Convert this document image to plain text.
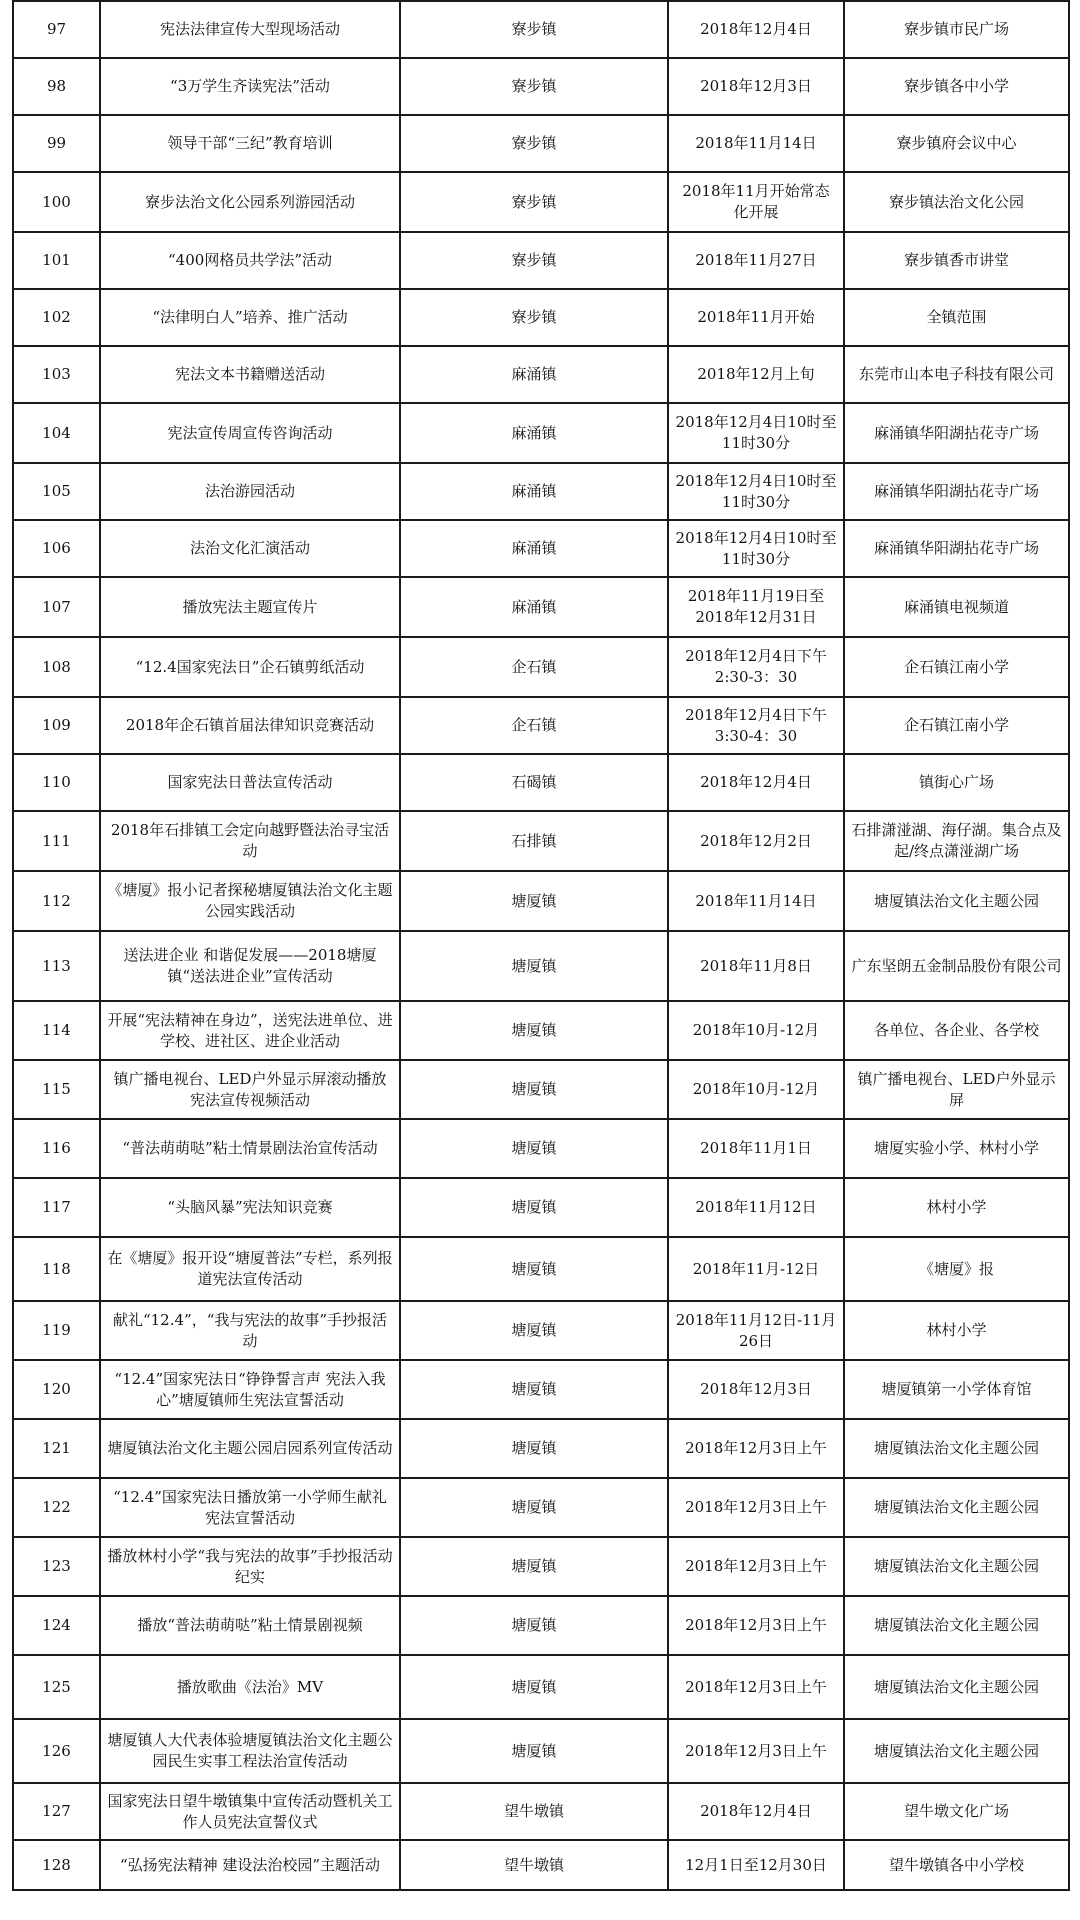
97	宪法法律宣传大型现场活动	寮步镇	2018年12月4日	寮步镇市民广场
98	“3万学生齐读宪法”活动	寮步镇	2018年12月3日	寮步镇各中小学
99	领导干部“三纪”教育培训	寮步镇	2018年11月14日	寮步镇府会议中心
100	寮步法治文化公园系列游园活动	寮步镇	2018年11月开始常态化开展	寮步镇法治文化公园
101	“400网格员共学法”活动	寮步镇	2018年11月27日	寮步镇香市讲堂
102	“法律明白人”培养、推广活动	寮步镇	2018年11月开始	全镇范围
103	宪法文本书籍赠送活动	麻涌镇	2018年12月上旬	东莞市山本电子科技有限公司
104	宪法宣传周宣传咨询活动	麻涌镇	2018年12月4日10时至11时30分	麻涌镇华阳湖拈花寺广场
105	法治游园活动	麻涌镇	2018年12月4日10时至11时30分	麻涌镇华阳湖拈花寺广场
106	法治文化汇演活动	麻涌镇	2018年12月4日10时至11时30分	麻涌镇华阳湖拈花寺广场
107	播放宪法主题宣传片	麻涌镇	2018年11月19日至2018年12月31日	麻涌镇电视频道
108	“12.4国家宪法日”企石镇剪纸活动	企石镇	2018年12月4日下午2:30-3：30	企石镇江南小学
109	2018年企石镇首届法律知识竞赛活动	企石镇	2018年12月4日下午3:30-4：30	企石镇江南小学
110	国家宪法日普法宣传活动	石碣镇	2018年12月4日	镇街心广场
111	2018年石排镇工会定向越野暨法治寻宝活动	石排镇	2018年12月2日	石排潇湴湖、海仔湖。集合点及起/终点潇湴湖广场
112	《塘厦》报小记者探秘塘厦镇法治文化主题公园实践活动	塘厦镇	2018年11月14日	塘厦镇法治文化主题公园
113	送法进企业 和谐促发展——2018塘厦镇“送法进企业”宣传活动	塘厦镇	2018年11月8日	广东坚朗五金制品股份有限公司
114	开展“宪法精神在身边”，送宪法进单位、进学校、进社区、进企业活动	塘厦镇	2018年10月-12月	各单位、各企业、各学校
115	镇广播电视台、LED户外显示屏滚动播放宪法宣传视频活动	塘厦镇	2018年10月-12月	镇广播电视台、LED户外显示屏
116	“普法萌萌哒”粘土情景剧法治宣传活动	塘厦镇	2018年11月1日	塘厦实验小学、林村小学
117	“头脑风暴”宪法知识竞赛	塘厦镇	2018年11月12日	林村小学
118	在《塘厦》报开设“塘厦普法”专栏，系列报道宪法宣传活动	塘厦镇	2018年11月-12日	《塘厦》报
119	献礼“12.4”，“我与宪法的故事”手抄报活动	塘厦镇	2018年11月12日-11月26日	林村小学
120	“12.4”国家宪法日“铮铮誓言声 宪法入我心”塘厦镇师生宪法宣誓活动	塘厦镇	2018年12月3日	塘厦镇第一小学体育馆
121	塘厦镇法治文化主题公园启园系列宣传活动	塘厦镇	2018年12月3日上午	塘厦镇法治文化主题公园
122	“12.4”国家宪法日播放第一小学师生献礼宪法宣誓活动	塘厦镇	2018年12月3日上午	塘厦镇法治文化主题公园
123	播放林村小学“我与宪法的故事”手抄报活动纪实	塘厦镇	2018年12月3日上午	塘厦镇法治文化主题公园
124	播放“普法萌萌哒”粘土情景剧视频	塘厦镇	2018年12月3日上午	塘厦镇法治文化主题公园
125	播放歌曲《法治》MV	塘厦镇	2018年12月3日上午	塘厦镇法治文化主题公园
126	塘厦镇人大代表体验塘厦镇法治文化主题公园民生实事工程法治宣传活动	塘厦镇	2018年12月3日上午	塘厦镇法治文化主题公园
127	国家宪法日望牛墩镇集中宣传活动暨机关工作人员宪法宣誓仪式	望牛墩镇	2018年12月4日	望牛墩文化广场
128	“弘扬宪法精神 建设法治校园”主题活动	望牛墩镇	12月1日至12月30日	望牛墩镇各中小学校
